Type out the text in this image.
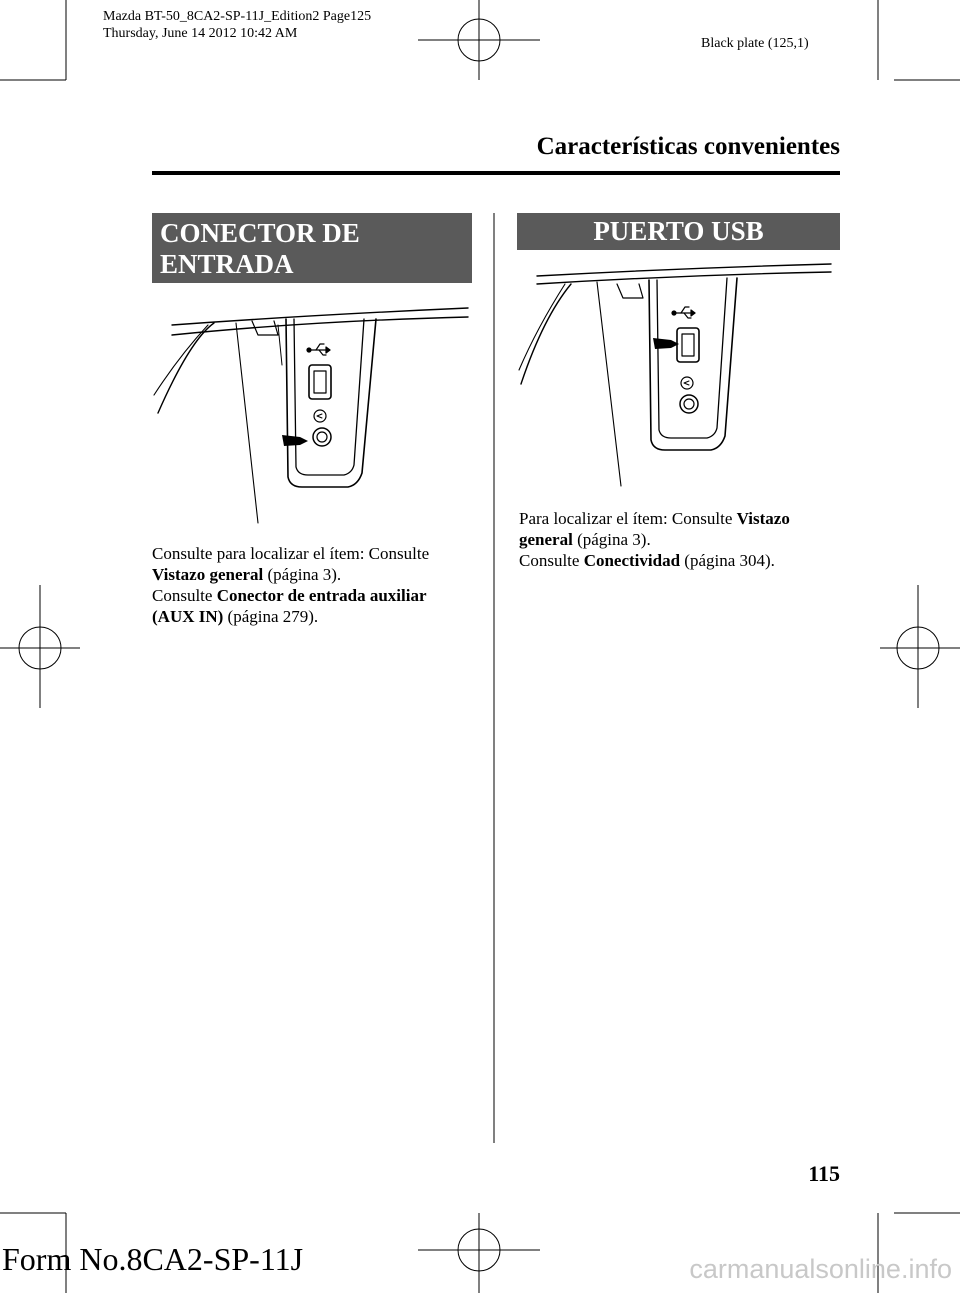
Mazda BT-50_8CA2-SP-11J_Edition2 Page125
Thursday, June 14 2012 10:42 AM
Black plate (125,1)
Características convenientes
CONECTOR DE ENTRADA
AUXILIAR (AUX IN)
Consulte para localizar el ítem: Consulte
Vistazo general (página 3).
Consulte Conector de entrada auxiliar
(AUX IN) (página 279).
PUERTO USB
Para localizar el ítem: Consulte Vistazo
general (página 3).
Consulte Conectividad (página 304).
115
Form No.8CA2-SP-11J	carmanualsonline.info
